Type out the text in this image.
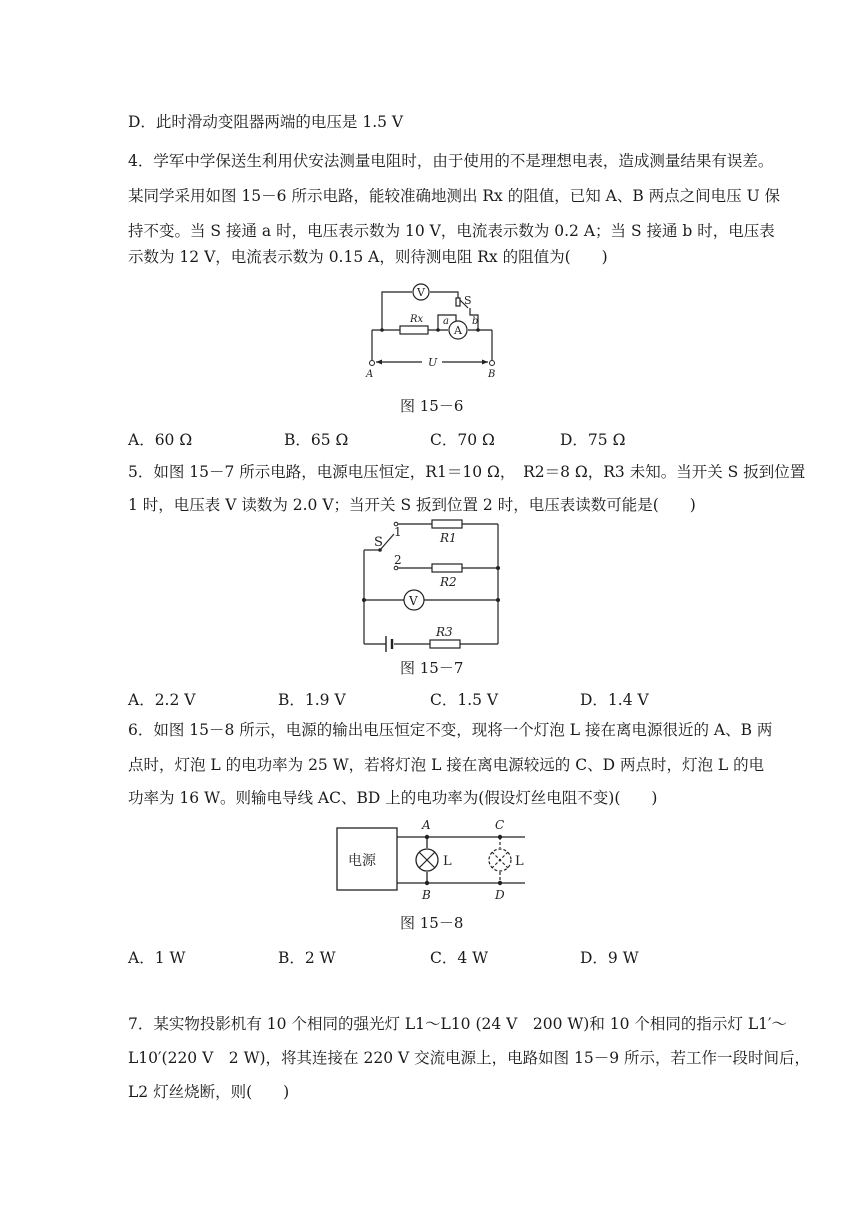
D．此时滑动变阻器两端的电压是 1.5 V
4．学军中学保送生利用伏安法测量电阻时，由于使用的不是理想电表，造成测量结果有误差。
某同学采用如图 15－6 所示电路，能较准确地测出 Rx 的阻值，已知 A、B 两点之间电压 U 保
持不变。当 S 接通 a 时，电压表示数为 10 V，电流表示数为 0.2 A；当 S 接通 b 时，电压表
示数为 12 V，电流表示数为 0.15 A，则待测电阻 Rx 的阻值为(　　)
V
Rx
A
S
a b
U
A	B
图 15－6
A．60 Ω	B．65 Ω	C．70 Ω	D．75 Ω
5．如图 15－7 所示电路，电源电压恒定，R1＝10 Ω，　R2＝8 Ω，R3 未知。当开关 S 扳到位置
1 时，电压表 V 读数为 2.0 V；当开关 S 扳到位置 2 时，电压表读数可能是(　　)
V
S
1
2
R1
R2
R3
图 15－7
A．2.2 V	B．1.9 V	C．1.5 V	D．1.4 V
6．如图 15－8 所示，电源的输出电压恒定不变，现将一个灯泡 L 接在离电源很近的 A、B 两
点时，灯泡 L 的电功率为 25 W，若将灯泡 L 接在离电源较远的 C、D 两点时，灯泡 L 的电
功率为 16 W。则输电导线 AC、BD 上的电功率为(假设灯丝电阻不变)(　　)
电源
A
B
C
D
L	L
图 15－8
A．1 W	B．2 W	C．4 W	D．9 W
7．某实物投影机有 10 个相同的强光灯 L1～L10 (24 V　200 W)和 10 个相同的指示灯 L1′～
L10′(220 V　2 W)，将其连接在 220 V 交流电源上，电路如图 15－9 所示，若工作一段时间后，
L2 灯丝烧断，则(　　)
